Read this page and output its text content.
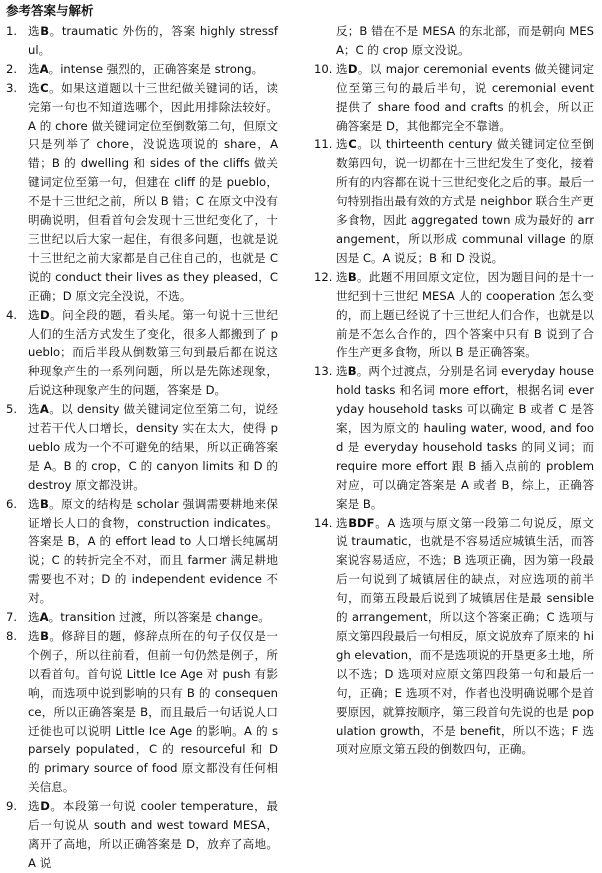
参考答案与解析
1. 选B。traumatic 外伤的，答案 highly stressful。
2. 选A。intense 强烈的，正确答案是 strong。
3. 选C。如果这道题以十三世纪做关键词的话，读完第一句也不知道选哪个，因此用排除法较好。A 的 chore 做关键词定位至倒数第二句，但原文只是列举了 chore，没说选项说的 share，A 错；B 的 dwelling 和 sides of the cliffs 做关键词定位至第一句，但建在 cliff 的是 pueblo，不是十三世纪之前，所以 B 错；C 在原文中没有明确说明，但看首句会发现十三世纪变化了，十三世纪以后大家一起住，有很多问题，也就是说十三世纪之前大家都是自己住自己的，也就是 C 说的 conduct their lives as they pleased，C 正确；D 原文完全没说，不选。
4. 选D。问全段的题，看头尾。第一句说十三世纪人们的生活方式发生了变化，很多人都搬到了 pueblo；而后半段从倒数第三句到最后都在说这种现象产生的一系列问题，所以是先陈述现象，后说这种现象产生的问题，答案是 D。
5. 选A。以 density 做关键词定位至第二句，说经过若干代人口增长，density 实在太大，使得 pueblo 成为一个不可避免的结果，所以正确答案是 A。B 的 crop，C 的 canyon limits 和 D 的 destroy 原文都没讲。
6. 选B。原文的结构是 scholar 强调需要耕地来保证增长人口的食物，construction indicates。答案是 B，A 的 effort lead to 人口增长纯属胡说；C 的转折完全不对，而且 farmer 满足耕地需要也不对；D 的 independent evidence 不对。
7. 选A。transition 过渡，所以答案是 change。
8. 选B。修辞目的题，修辞点所在的句子仅仅是一个例子，所以往前看，但前一句仍然是例子，所以看首句。首句说 Little Ice Age 对 push 有影响，而选项中说到影响的只有 B 的 consequence，所以正确答案是 B，而且最后一句话说人口迁徙也可以说明 Little Ice Age 的影响。A 的 sparsely populated，C 的 resourceful 和 D 的 primary source of food 原文都没有任何相关信息。
9. 选D。本段第一句说 cooler temperature，最后一句说从 south and west toward MESA，离开了高地，所以正确答案是 D，放弃了高地。A 说
反；B 错在不是 MESA 的东北部，而是朝向 MESA；C 的 crop 原文没说。
10. 选D。以 major ceremonial events 做关键词定位至第三句的最后半句，说 ceremonial event 提供了 share food and crafts 的机会，所以正确答案是 D，其他都完全不靠谱。
11. 选C。以 thirteenth century 做关键词定位至倒数第四句，说一切都在十三世纪发生了变化，接着所有的内容都在说十三世纪变化之后的事。最后一句特别指出最有效的方式是 neighbor 联合生产更多食物，因此 aggregated town 成为最好的 arrangement，所以形成 communal village 的原因是 C。A 说反；B 和 D 没说。
12. 选B。此题不用回原文定位，因为题目问的是十一世纪到十三世纪 MESA 人的 cooperation 怎么变的，而上题已经说了十三世纪人们合作，也就是以前是不怎么合作的，四个答案中只有 B 说到了合作生产更多食物，所以 B 是正确答案。
13. 选B。两个过渡点，分别是名词 everyday household tasks 和名词 more effort，根据名词 everyday household tasks 可以确定 B 或者 C 是答案，因为原文的 hauling water, wood, and food 是 everyday household tasks 的同义词；而 require more effort 跟 B 插入点前的 problem 对应，可以确定答案是 A 或者 B，综上，正确答案是 B。
14. 选BDF。A 选项与原文第一段第二句说反，原文说 traumatic，也就是不容易适应城镇生活，而答案说容易适应，不选；B 选项正确，因为第一段最后一句说到了城镇居住的缺点，对应选项的前半句，而第五段最后说到了城镇居住是最 sensible 的 arrangement，所以这个答案正确；C 选项与原文第四段最后一句相反，原文说放弃了原来的 high elevation，而不是选项说的开垦更多土地，所以不选；D 选项对应原文第四段第一句和最后一句，正确；E 选项不对，作者也没明确说哪个是首要原因，就算按顺序，第三段首句先说的也是 population growth，不是 benefit，所以不选；F 选项对应原文第五段的倒数四句，正确。
